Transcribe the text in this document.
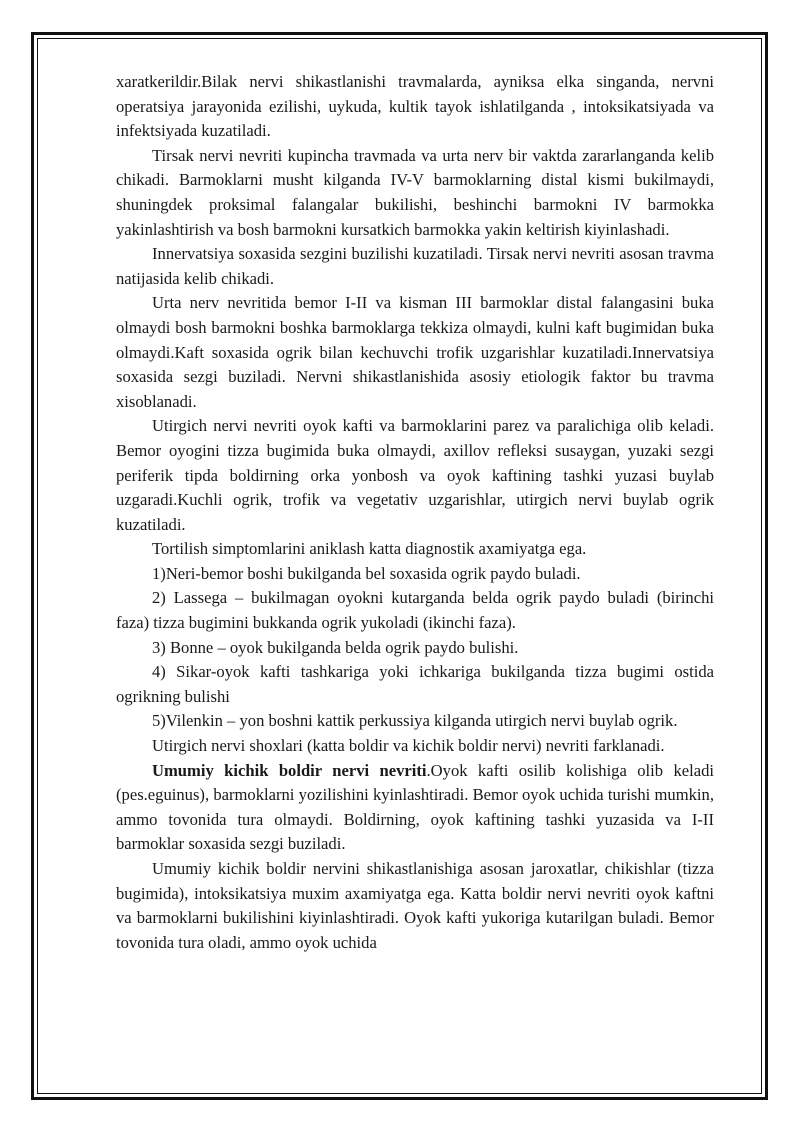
xaratkerildir.Bilak nervi shikastlanishi travmalarda, ayniksa elka singanda, nervni operatsiya jarayonida ezilishi, uykuda, kultik tayok ishlatilganda , intoksikatsiyada va infektsiyada kuzatiladi.

Tirsak nervi nevriti kupincha travmada va urta nerv bir vaktda zararlanganda kelib chikadi. Barmoklarni musht kilganda IV-V barmoklarning distal kismi bukilmaydi, shuningdek proksimal falangalar bukilishi, beshinchi barmokni IV barmokka yakinlashtirish va bosh barmokni kursatkich barmokka yakin keltirish kiyinlashadi.

Innervatsiya soxasida sezgini buzilishi kuzatiladi. Tirsak nervi nevriti asosan travma natijasida kelib chikadi.

Urta nerv nevritida bemor I-II va kisman III barmoklar distal falangasini buka olmaydi bosh barmokni boshka barmoklarga tekkiza olmaydi, kulni kaft bugimidan buka olmaydi.Kaft soxasida ogrik bilan kechuvchi trofik uzgarishlar kuzatiladi.Innervatsiya soxasida sezgi buziladi. Nervni shikastlanishida asosiy etiologik faktor bu travma xisoblanadi.

Utirgich nervi nevriti oyok kafti va barmoklarini parez va paralichiga olib keladi. Bemor oyogini tizza bugimida buka olmaydi, axillov refleksi susaygan, yuzaki sezgi periferik tipda boldirning orka yonbosh va oyok kaftining tashki yuzasi buylab uzgaradi.Kuchli ogrik, trofik va vegetativ uzgarishlar, utirgich nervi buylab ogrik kuzatiladi.

Tortilish simptomlarini aniklash katta diagnostik axamiyatga ega.

1)Neri-bemor boshi bukilganda bel soxasida ogrik paydo buladi.

2) Lassega – bukilmagan oyokni kutarganda belda ogrik paydo buladi (birinchi faza) tizza bugimini bukkanda ogrik yukoladi (ikinchi faza).

3) Bonne – oyok bukilganda belda ogrik paydo bulishi.

4) Sikar-oyok kafti tashkariga yoki ichkariga bukilganda tizza bugimi ostida ogrikning bulishi

5)Vilenkin – yon boshni kattik perkussiya kilganda utirgich nervi buylab ogrik.

Utirgich nervi shoxlari (katta boldir va kichik boldir nervi) nevriti farklanadi.

Umumiy kichik boldir nervi nevriti.Oyok kafti osilib kolishiga olib keladi (pes.eguinus), barmoklarni yozilishini kyinlashtiradi. Bemor oyok uchida turishi mumkin, ammo tovonida tura olmaydi. Boldirning, oyok kaftining tashki yuzasida va I-II barmoklar soxasida sezgi buziladi.

Umumiy kichik boldir nervini shikastlanishiga asosan jaroxatlar, chikishlar (tizza bugimida), intoksikatsiya muxim axamiyatga ega. Katta boldir nervi nevriti oyok kaftni va barmoklarni bukilishini kiyinlashtiradi. Oyok kafti yukoriga kutarilgan buladi. Bemor tovonida tura oladi, ammo oyok uchida
